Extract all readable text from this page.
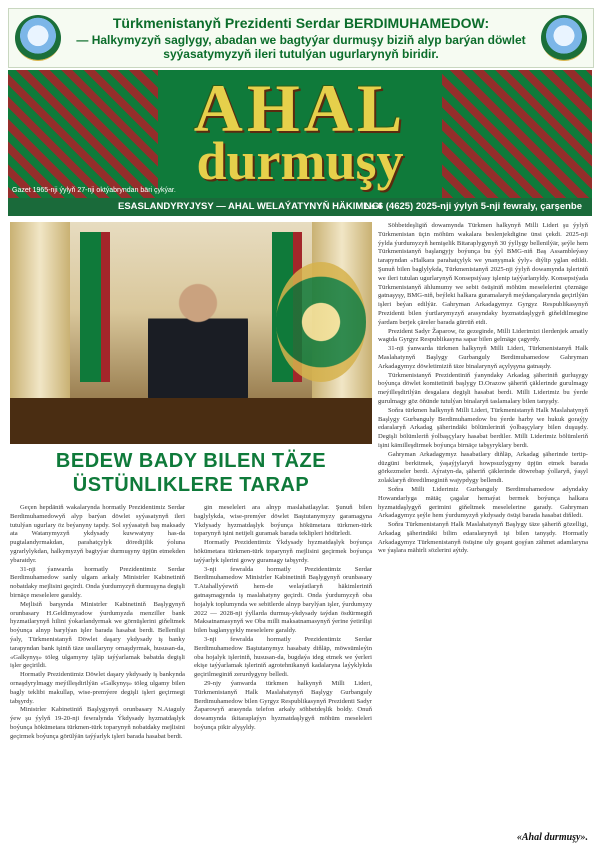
Türkmenistanyň Prezidenti Serdar BERDIMUHAMEDOW:
— Halkymyzyň saglygy, abadan we bagtyýar durmuşy biziň alyp barýan döwlet syýasatymyzyň ileri tutulýan ugurlarynyň biridir.
AHAL
durmuşy
Gazet 1965-nji ýylyň 27-nji oktýabryndan bäri çykýar.
ESASLANDYRYJYSY — AHAL WELAÝATYNYŇ HÄKIMLIGI
№ 6 (4625) 2025-nji ýylyň 5-nji fewraly, çarşenbe
BEDEW BADY BILEN TÄZE
ÜSTÜNLIKLERE TARAP

Söhbetdeşligiň dowamynda Türkmen halkynyň Milli Lideri şu ýylyň Türkmenistan üçin möhüm wakalara beslenjekdigine ünsi çekdi. 2025-nji ýylda ýurdumyzyň hemişelik Bitaraplygynyň 30 ýyllygy bellenilýär, şeýle hem Türkmenistanyň başlangyjy boýunça bu ýyl BMG-niň Baş Assambleýasy tarapyndan «Halkara parahatçylyk we ynanyşmak ýyly» diýlip yglan edildi. Şunuň bilen baglylykda, Türkmenistanyň 2025-nji ýylyň dowamynda işleriniň we ileri tutulan ugurlarynyň Konsepsiýasy işlenip taýýarlanyldy. Konsepsiýada Türkmenistanyň ählumumy we sebit ösüşiniň möhüm meselelerini çözmäge gatnaşyşy, BMG-niň, beýleki halkara guramalaryň meýdançalarynda geçirilýän işleri beýan edilýär. Gahryman Arkadagymyz Gyrgyz Respublikasynyň Prezidenti bilen ýurtlarymyzyň arasyndaky hyzmatdaşlygyň giňeldilmegine ýardam berjek çäreler barada gürrüň etdi.

Prezident Sadyr Žaparow, öz gezeginde, Milli Liderimizi ilerdenjek amatly wagtda Gyrgyz Respublikasyna sapar bilen gelmäge çagyrdy.

31-nji ýanwarda türkmen halkynyň Milli Lideri, Türkmenistanyň Halk Maslahatynyň Başlygy Gurbanguly Berdimuhamedow Gahryman Arkadagymyz döwletimiziň täze binalarynyň açylyşyna gatnaşdy.

Türkmenistanyň Prezidentiniň ýanyndaky Arkadag şäheriniň gurluşygy boýunça döwlet komitetiniň başlygy D.Orazow şäheriň çäklerinde gurulmagy meýilleşdirilýän desgalara degişli hasabat berdi. Milli Liderimiz bu ýerde gurulmagy göz öňünde tutulýan binalaryň taslamalary bilen tanyşdy.

Soňra türkmen halkynyň Milli Lideri, Türkmenistanyň Halk Maslahatynyň Başlygy Gurbanguly Berdimuhamedow bu ýerde harby we hukuk goraýjy edaralaryň Arkadag şäherindäki bölümleriniň ýolbaşçylary bilen duşuşdy. Degişli bölümleriň ýolbaşçylary hasabat berdiler. Milli Liderimiz bölümleriň işini kämilleşdirmek boýunça birnäçe tabşyryklary berdi.

Gahryman Arkadagymyz hasabatlary diňläp, Arkadag şäherinde tertip-düzgüni berkitmek, ýaşaýjylaryň howpsuzlygyny üpjün etmek barada görkezmeler berdi. Aýratyn-da, şäheriň çäklerinde döwrebap ýollaryň, ýaşyl zolaklaryň döredilmeginiň wajypdygy bellendi.

Soňra Milli Liderimiz Gurbanguly Berdimuhamedow adyndaky Howandarlyga mätäç çagalar hemaýat bermek boýunça halkara hyzmatdaşlygyň gerimini giňeltmek meselelerine garady. Gahryman Arkadagymyz şeýle hem ýurdumyzyň ykdysady ösüşi barada hasabat diňledi.

Soňra Türkmenistanyň Halk Maslahatynyň Başlygy täze şäheriň gözelligi, Arkadag şäherindäki bilim edaralarynyň işi bilen tanyşdy. Hormatly Arkadagymyz Türkmenistanyň ösüşine uly goşant goşýan zähmet adamlaryna we ýaşlara mähirli sözlerini aýtdy.

Geçen hepdäniň wakalarynda hormatly Prezidentimiz Serdar Berdimuhamedowyň alyp barýan döwlet syýasatynyň ileri tutulýan ugurlary öz beýanyny tapdy. Sol syýasatyň baş maksady ata Watanymyzyň ykdysady kuwwatyny has-da pugtalandyrmakdan, parahatçylyk döredijilik ýoluna ygrarlylykdan, halkymyzyň bagtyýar durmuşyny üpjün etmekden ybaratdyr.

31-nji ýanwarda hormatly Prezidentimiz Serdar Berdimuhamedow sanly ulgam arkaly Ministrler Kabinetiniň nobatdaky mejlisini geçirdi. Onda ýurdumyzyň durmuşyna degişli birnäçe meselelere garaldy.

Mejlisiň barşynda Ministrler Kabinetiniň Başlygynyň orunbasary H.Geldimyradow ýurdumyzda menziller bank hyzmatlarynyň hilini ýokarlandyrmak we görnüşlerini giňeltmek boýunça alnyp barylýan işler barada hasabat berdi. Bellenilişi ýaly, Türkmenistanyň Döwlet daşary ykdysady iş banky tarapyndan bank işiniň täze usullaryny ornaşdyrmak, hususan-da, «Galkynyş» töleg ulgamyny işläp taýýarlamak babatda degişli işler geçirildi.

Hormatly Prezidentimiz Döwlet daşary ykdysady iş bankynda ornaşdyrylmagy meýilleşdirilýän «Galkynyş» töleg ulgamy bilen bagly teklibi makullap, wise-premýere degişli işleri geçirmegi tabşyrdy.

Ministrler Kabinetiniň Başlygynyň orunbasary N.Ataguly ýew şu ýylyň 19-20-nji fewralynda Ýkdysady hyzmatdaşlyk boýunça hökümetara türkmen-türk toparynyň nobatdaky mejlisini geçirmek boýunça görülýän taýýarlyk işleri barada hasabat berdi.

gin meseleleri ara alnyp maslahatlaşylar. Şunuň bilen baglylykda, wise-premýer döwlet Baştutanymyzy garamagyna Ykdysady hyzmatdaşlyk boýunça hökümetara türkmen-türk toparynyň işini netijeli guramak barada teklipleri hödürledi.

Hormatly Prezidentimiz Ýkdysady hyzmatdaşlyk boýunça hökümetara türkmen-türk toparynyň mejlisini geçirmek boýunça taýýarlyk işlerini gowy guramagy tabşyrdy.

3-nji fewralda hormatly Prezidentimiz Serdar Berdimuhamedow Ministrler Kabinetiniň Başlygynyň orunbasary T.Atahallyýewiň hem-de welaýatlaryň häkimleriniň gatnaşmagynda iş maslahatyny geçirdi. Onda ýurdumyzyň oba hojalyk toplumynda we sebitlerde alnyp barylýan işler, ýurdumyzy 2022 — 2028-nji ýyllarda durmuş-ykdysady taýdan ösdürmegiň Maksatnamasynyň we Oba milli maksatnamasynyň ýerine ýetirilişi bilen baglanyşykly meselelere garaldy.

3-nji fewralda hormatly Prezidentimiz Serdar Berdimuhamedow Baştutanymyz hasabaty diňläp, möwsümleýin oba hojalyk işleriniň, hususan-da, bugdaýa ideg etmek we ýerleri ekişe taýýarlamak işleriniň agrotehnikanyň kadalaryna laýyklykda geçirilmeginiň zerurdygyny belledi.

29-njy ýanwarda türkmen halkynyň Milli Lideri, Türkmenistanyň Halk Maslahatynyň Başlygy Gurbanguly Berdimuhamedow bilen Gyrgyz Respublikasynyň Prezidenti Sadyr Žaparowyň arasynda telefon arkaly söhbetdeşlik boldy. Onuň dowamynda ikitaraplaýyn hyzmatdaşlygyň möhüm meseleleri boýunça pikir alyşyldy.

«Ahal durmuşy».
